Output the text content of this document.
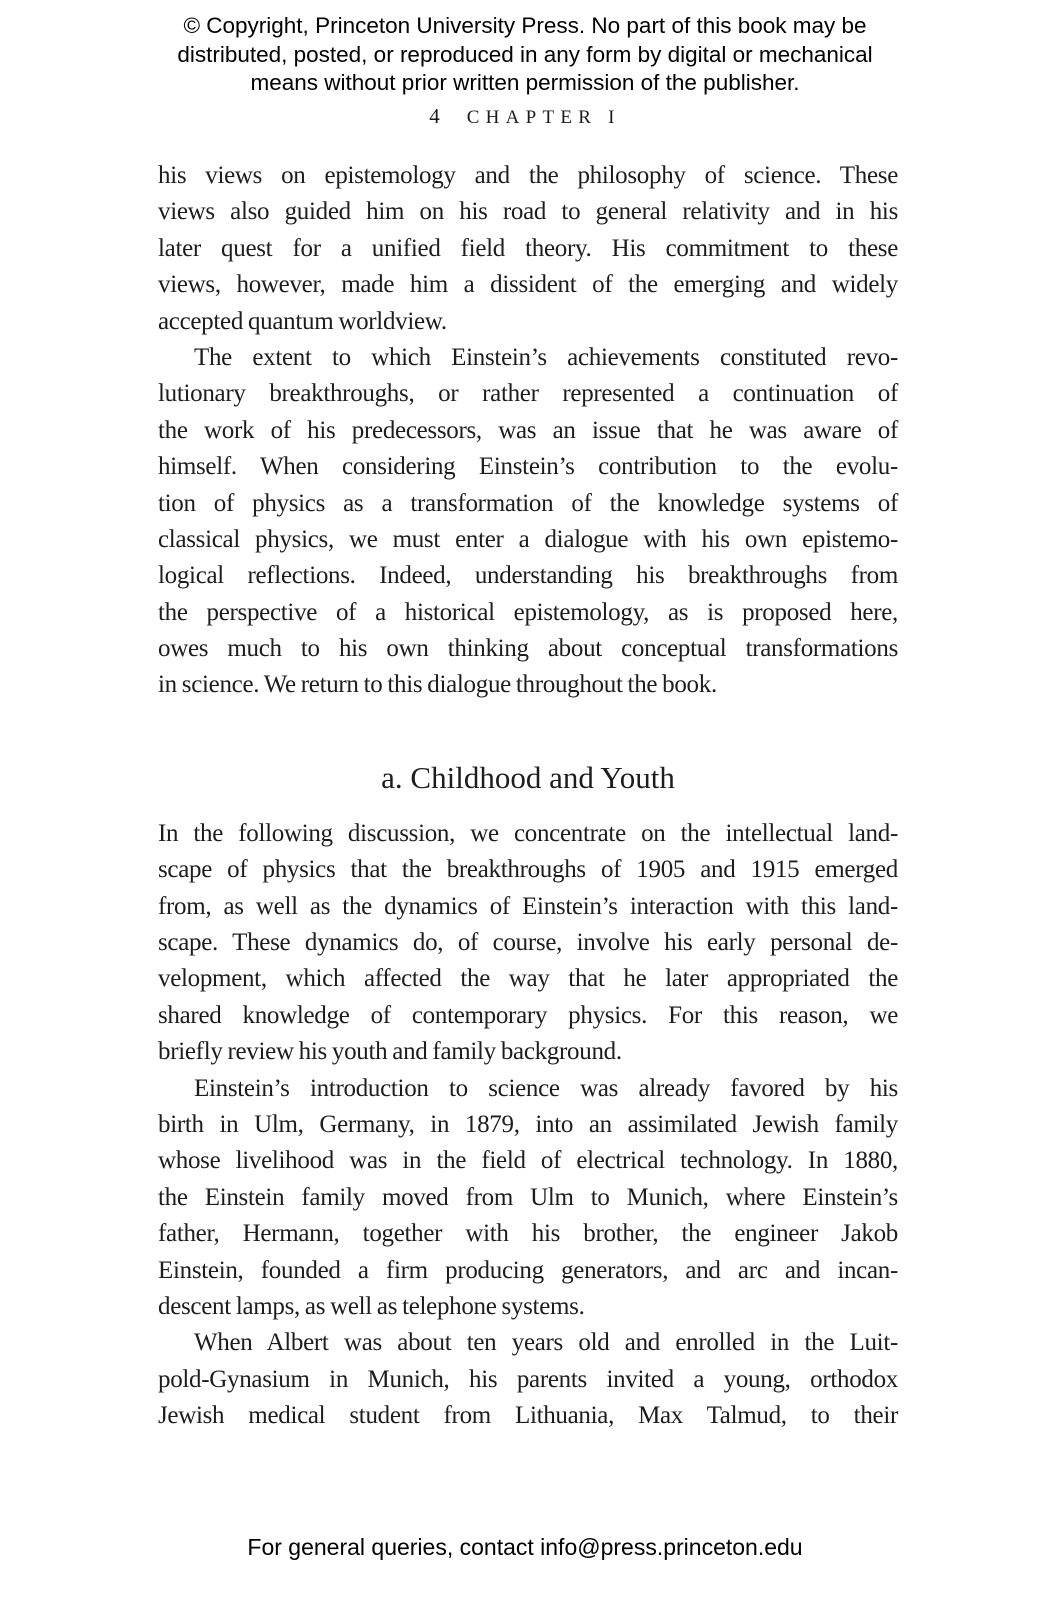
© Copyright, Princeton University Press. No part of this book may be
distributed, posted, or reproduced in any form by digital or mechanical
means without prior written permission of the publisher.
4 CHAPTER I
his views on epistemology and the philosophy of science. These
views also guided him on his road to general relativity and in his
later quest for a unified field theory. His commitment to these
views, however, made him a dissident of the emerging and widely
accepted quantum worldview.
The extent to which Einstein’s achievements constituted revo-
lutionary breakthroughs, or rather represented a continuation of
the work of his predecessors, was an issue that he was aware of
himself. When considering Einstein’s contribution to the evolu-
tion of physics as a transformation of the knowledge systems of
classical physics, we must enter a dialogue with his own epistemo-
logical reflections. Indeed, understanding his breakthroughs from
the perspective of a historical epistemology, as is proposed here,
owes much to his own thinking about conceptual transformations
in science. We return to this dialogue throughout the book.
a. Childhood and Youth
In the following discussion, we concentrate on the intellectual land-
scape of physics that the breakthroughs of 1905 and 1915 emerged
from, as well as the dynamics of Einstein’s interaction with this land-
scape. These dynamics do, of course, involve his early personal de-
velopment, which affected the way that he later appropriated the
shared knowledge of contemporary physics. For this reason, we
briefly review his youth and family background.
Einstein’s introduction to science was already favored by his
birth in Ulm, Germany, in 1879, into an assimilated Jewish family
whose livelihood was in the field of electrical technology. In 1880,
the Einstein family moved from Ulm to Munich, where Einstein’s
father, Hermann, together with his brother, the engineer Jakob
Einstein, founded a firm producing generators, and arc and incan-
descent lamps, as well as telephone systems.
When Albert was about ten years old and enrolled in the Luit-
pold-Gynasium in Munich, his parents invited a young, orthodox
Jewish medical student from Lithuania, Max Talmud, to their
For general queries, contact info@press.princeton.edu
